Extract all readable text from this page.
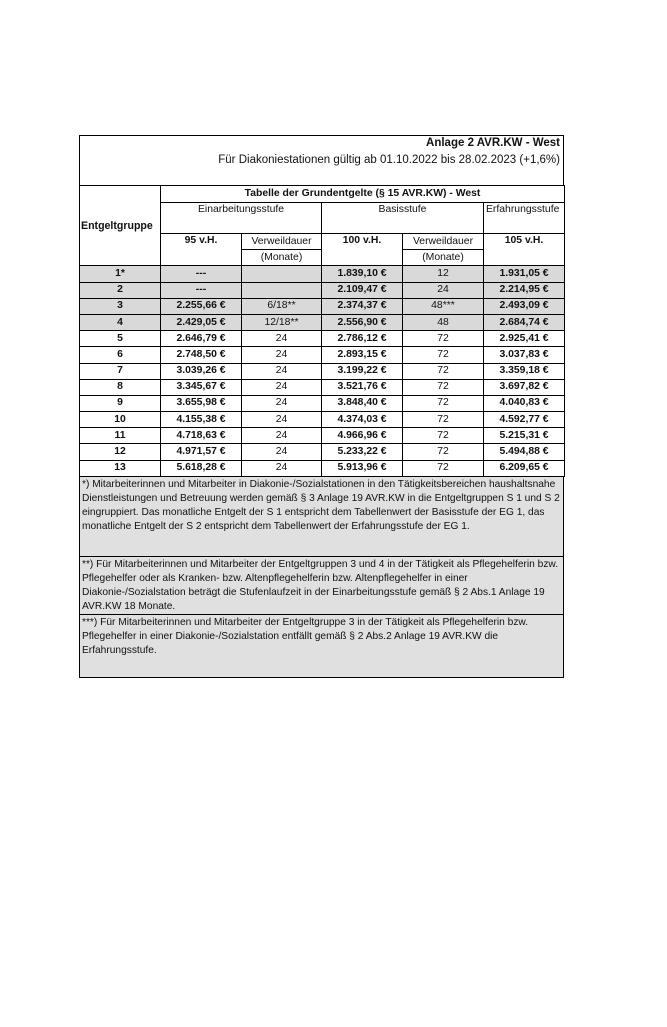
Anlage 2 AVR.KW - West
Für Diakoniestationen gültig ab 01.10.2022 bis 28.02.2023 (+1,6%)
Entgeltgruppe	Tabelle der Grundentgelte (§ 15 AVR.KW) - West				
	Einarbeitungsstufe		Basisstufe		Erfahrungsstufe
	95 v.H.	Verweildauer	100 v.H.	Verweildauer	105 v.H.
		(Monate)		(Monate)	
1*	---		1.839,10 €	12	1.931,05 €
2	---		2.109,47 €	24	2.214,95 €
3	2.255,66 €	6/18**	2.374,37 €	48***	2.493,09 €
4	2.429,05 €	12/18**	2.556,90 €	48	2.684,74 €
5	2.646,79 €	24	2.786,12 €	72	2.925,41 €
6	2.748,50 €	24	2.893,15 €	72	3.037,83 €
7	3.039,26 €	24	3.199,22 €	72	3.359,18 €
8	3.345,67 €	24	3.521,76 €	72	3.697,82 €
9	3.655,98 €	24	3.848,40 €	72	4.040,83 €
10	4.155,38 €	24	4.374,03 €	72	4.592,77 €
11	4.718,63 €	24	4.966,96 €	72	5.215,31 €
12	4.971,57 €	24	5.233,22 €	72	5.494,88 €
13	5.618,28 €	24	5.913,96 €	72	6.209,65 €
*) Mitarbeiterinnen und Mitarbeiter in Diakonie-/Sozialstationen in den Tätigkeitsbereichen haushaltsnahe Dienstleistungen und Betreuung werden gemäß § 3 Anlage 19 AVR.KW in die Entgeltgruppen S 1 und S 2 eingruppiert. Das monatliche Entgelt der S 1 entspricht dem Tabellenwert der Basisstufe der EG 1, das monatliche Entgelt der S 2 entspricht dem Tabellenwert der Erfahrungsstufe der EG 1.
**) Für Mitarbeiterinnen und Mitarbeiter der Entgeltgruppen 3 und 4 in der Tätigkeit als Pflegehelferin bzw. Pflegehelfer oder als Kranken- bzw. Altenpflegehelferin bzw. Altenpflegehelfer in einer Diakonie-/Sozialstation beträgt die Stufenlaufzeit in der Einarbeitungsstufe gemäß § 2 Abs.1 Anlage 19 AVR.KW 18 Monate.
***) Für Mitarbeiterinnen und Mitarbeiter der Entgeltgruppe 3 in der Tätigkeit als Pflegehelferin bzw. Pflegehelfer in einer Diakonie-/Sozialstation entfällt gemäß § 2 Abs.2 Anlage 19 AVR.KW die Erfahrungsstufe.
